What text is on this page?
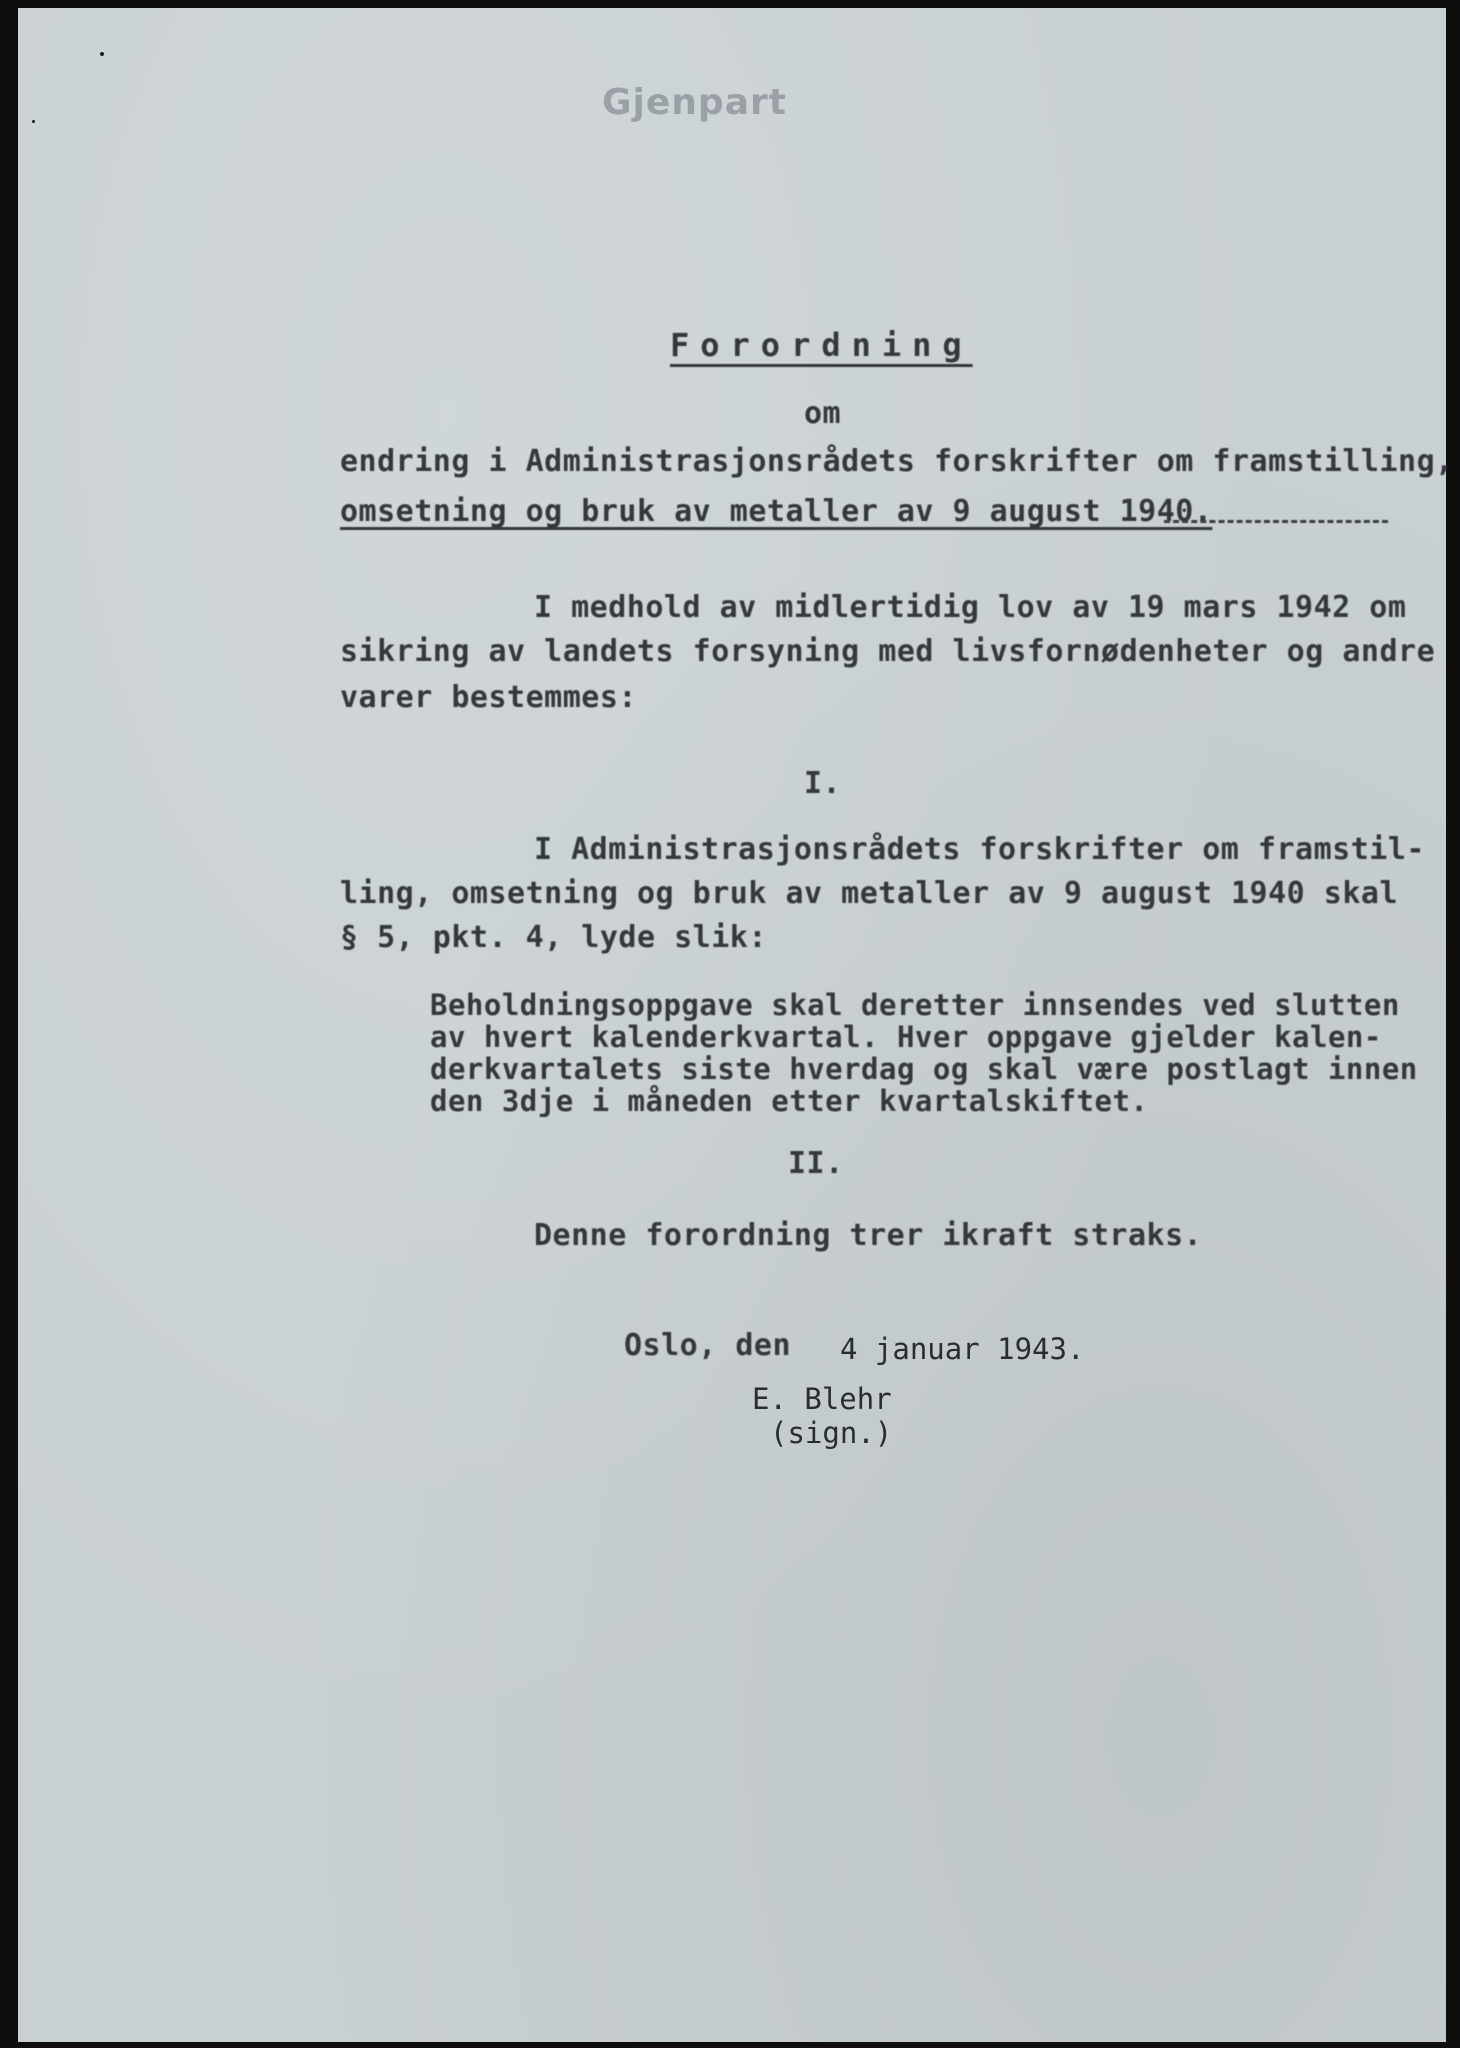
Gjenpart
Forordning
om
endring i Administrasjonsrådets forskrifter om framstilling,
omsetning og bruk av metaller av 9 august 1940.
I medhold av midlertidig lov av 19 mars 1942 om
sikring av landets forsyning med livsfornødenheter og andre
varer bestemmes:
I.
I Administrasjonsrådets forskrifter om framstil-
ling, omsetning og bruk av metaller av 9 august 1940 skal
§ 5, pkt. 4, lyde slik:
Beholdningsoppgave skal deretter innsendes ved slutten
av hvert kalenderkvartal. Hver oppgave gjelder kalen-
derkvartalets siste hverdag og skal være postlagt innen
den 3dje i måneden etter kvartalskiftet.
II.
Denne forordning trer ikraft straks.
Oslo, den 4 januar 1943.
E. Blehr
(sign.)
